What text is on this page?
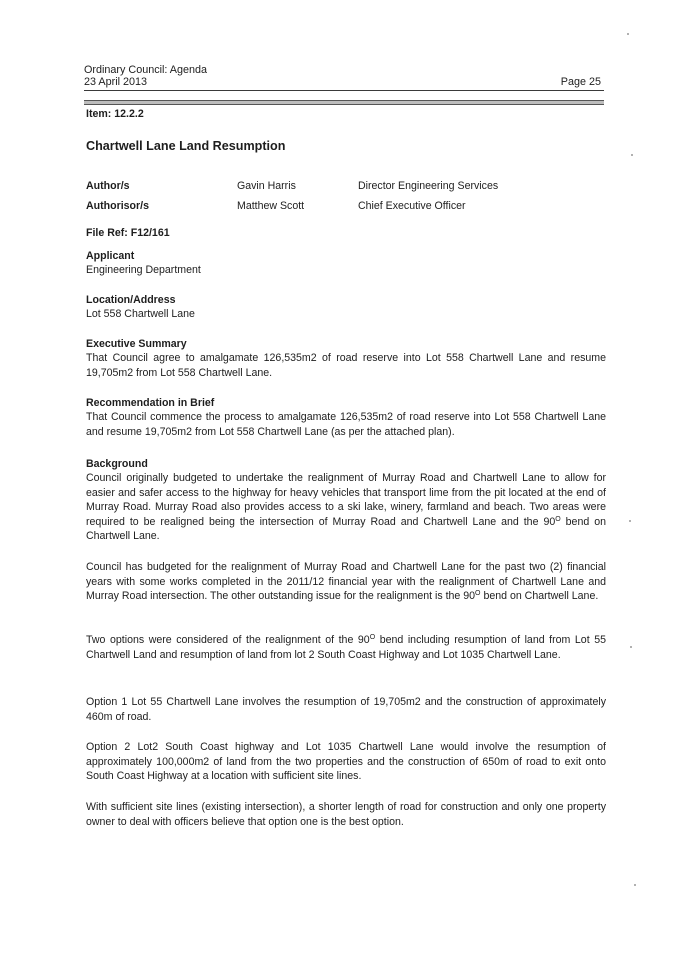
Ordinary Council: Agenda
23 April 2013	Page 25
Item: 12.2.2
Chartwell Lane Land Resumption
Author/s	Gavin Harris	Director Engineering Services
Authorisor/s	Matthew Scott	Chief Executive Officer
File Ref: F12/161
Applicant
Engineering Department
Location/Address
Lot 558 Chartwell Lane
Executive Summary
That Council agree to amalgamate 126,535m2 of road reserve into Lot 558 Chartwell Lane and resume 19,705m2 from Lot 558 Chartwell Lane.
Recommendation in Brief
That Council commence the process to amalgamate 126,535m2 of road reserve into Lot 558 Chartwell Lane and resume 19,705m2 from Lot 558 Chartwell Lane (as per the attached plan).
Background
Council originally budgeted to undertake the realignment of Murray Road and Chartwell Lane to allow for easier and safer access to the highway for heavy vehicles that transport lime from the pit located at the end of Murray Road. Murray Road also provides access to a ski lake, winery, farmland and beach. Two areas were required to be realigned being the intersection of Murray Road and Chartwell Lane and the $90^O$ bend on Chartwell Lane.
Council has budgeted for the realignment of Murray Road and Chartwell Lane for the past two (2) financial years with some works completed in the 2011/12 financial year with the realignment of Chartwell Lane and Murray Road intersection. The other outstanding issue for the realignment is the $90^O$ bend on Chartwell Lane.
Two options were considered of the realignment of the $90^O$ bend including resumption of land from Lot 55 Chartwell Land and resumption of land from lot 2 South Coast Highway and Lot 1035 Chartwell Lane.
Option 1 Lot 55 Chartwell Lane involves the resumption of 19,705m2 and the construction of approximately 460m of road.
Option 2 Lot2 South Coast highway and Lot 1035 Chartwell Lane would involve the resumption of approximately 100,000m2 of land from the two properties and the construction of 650m of road to exit onto South Coast Highway at a location with sufficient site lines.
With sufficient site lines (existing intersection), a shorter length of road for construction and only one property owner to deal with officers believe that option one is the best option.
